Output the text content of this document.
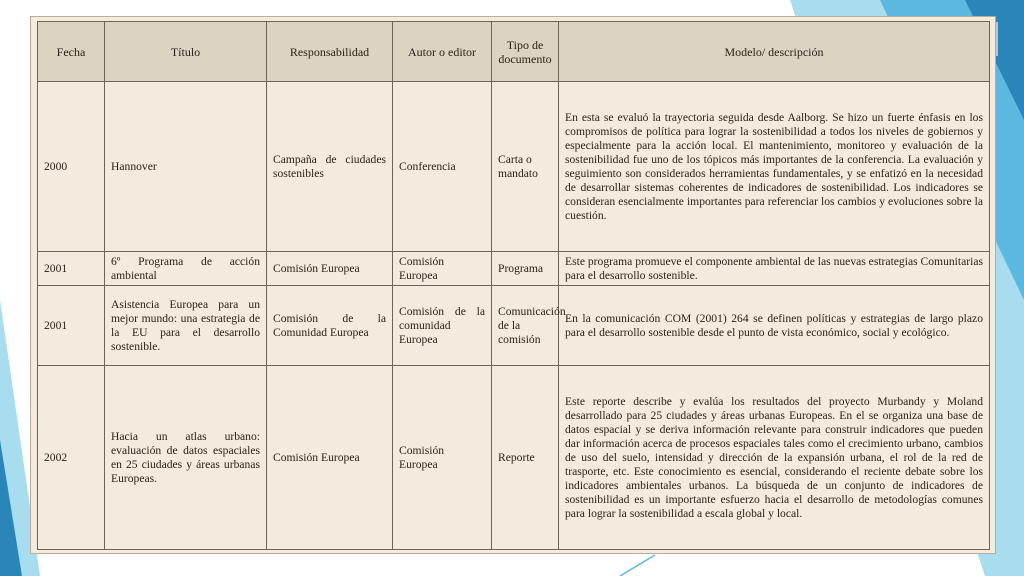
Fecha	Título	Responsabilidad	Autor o editor	Tipo de documento	Modelo/ descripción
2000	Hannover	Campaña de ciudades sostenibles	Conferencia	Carta o mandato	En esta se evaluó la trayectoria seguida desde Aalborg. Se hizo un fuerte énfasis en los compromisos de política para lograr la sostenibilidad a todos los niveles de gobiernos y especialmente para la acción local. El mantenimiento, monitoreo y evaluación de la sostenibilidad fue uno de los tópicos más importantes de la conferencia. La evaluación y seguimiento son considerados herramientas fundamentales, y se enfatizó en la necesidad de desarrollar sistemas coherentes de indicadores de sostenibilidad. Los indicadores se consideran esencialmente importantes para referenciar los cambios y evoluciones sobre la cuestión.
2001	6º Programa de acción ambiental	Comisión Europea	Comisión Europea	Programa	Este programa promueve el componente ambiental de las nuevas estrategias Comunitarias para el desarrollo sostenible.
2001	Asistencia Europea para un mejor mundo: una estrategia de la EU para el desarrollo sostenible.	Comisión de la Comunidad Europea	Comisión de la comunidad Europea	Comunicación de la comisión	En la comunicación COM (2001) 264 se definen políticas y estrategias de largo plazo para el desarrollo sostenible desde el punto de vista económico, social y ecológico.
2002	Hacia un atlas urbano: evaluación de datos espaciales en 25 ciudades y áreas urbanas Europeas.	Comisión Europea	Comisión Europea	Reporte	Este reporte describe y evalúa los resultados del proyecto Murbandy y Moland desarrollado para 25 ciudades y áreas urbanas Europeas. En el se organiza una base de datos espacial y se deriva información relevante para construir indicadores que pueden dar información acerca de procesos espaciales tales como el crecimiento urbano, cambios de uso del suelo, intensidad y dirección de la expansión urbana, el rol de la red de trasporte, etc. Este conocimiento es esencial, considerando el reciente debate sobre los indicadores ambientales urbanos. La búsqueda de un conjunto de indicadores de sostenibilidad es un importante esfuerzo hacia el desarrollo de metodologías comunes para lograr la sostenibilidad a escala global y local.
